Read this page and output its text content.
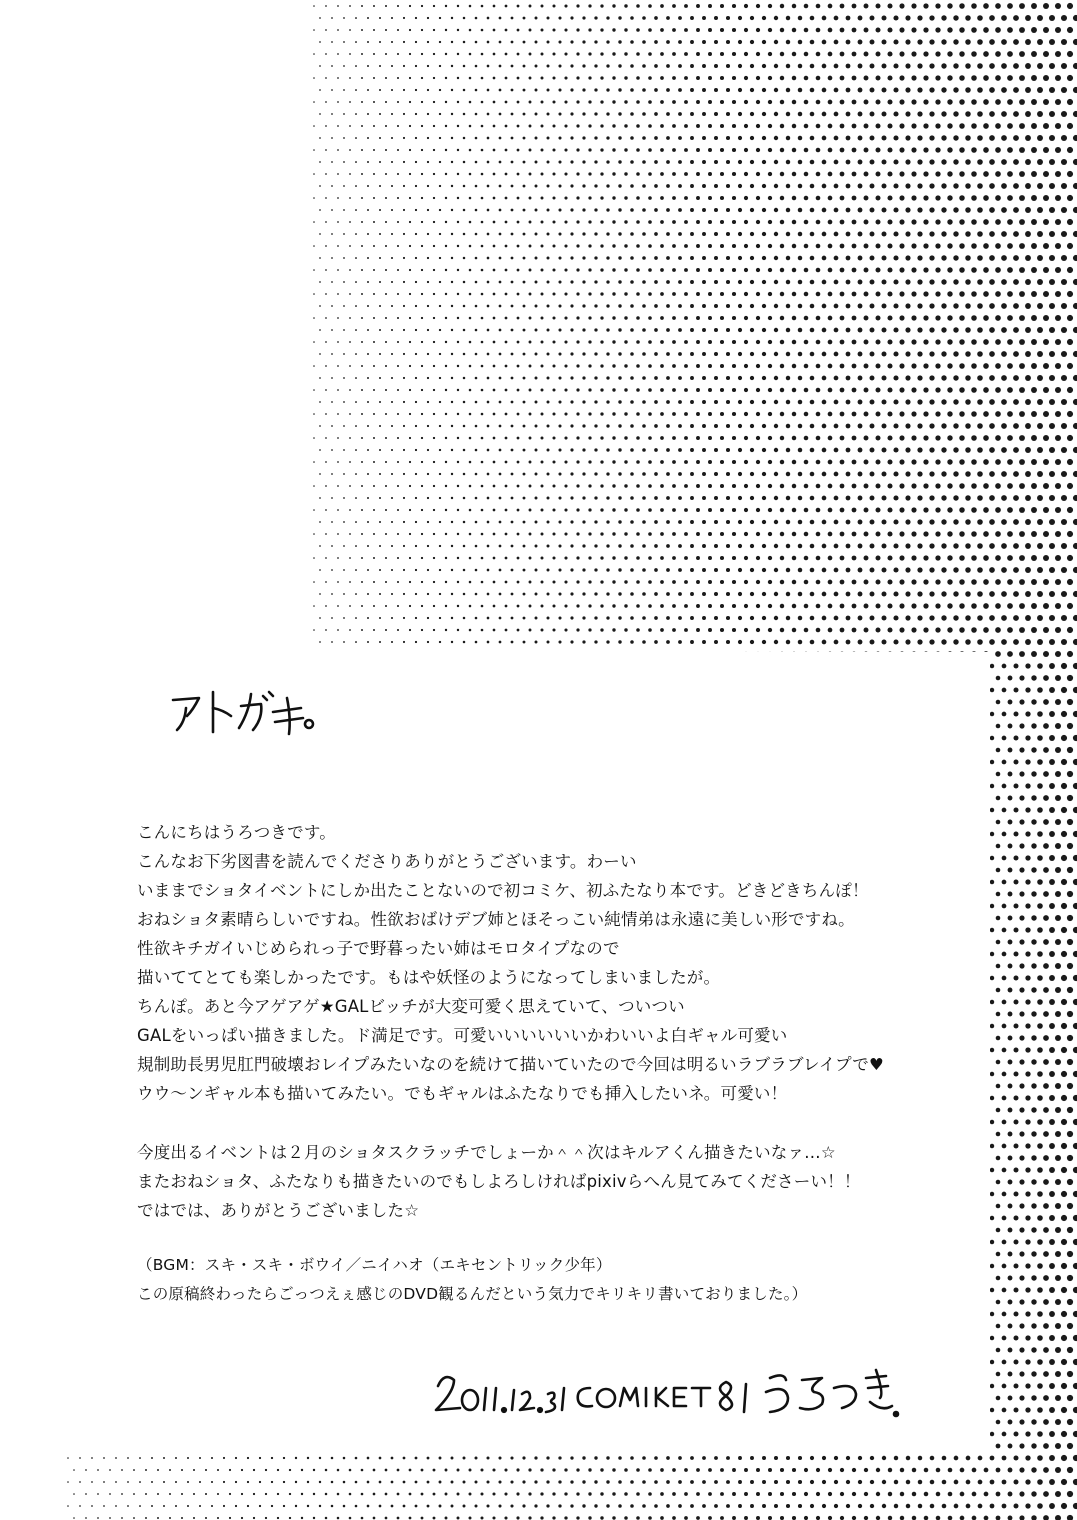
こんにちはうろつきです。
こんなお下劣図書を読んでくださりありがとうございます。わーい
いままでショタイベントにしか出たことないので初コミケ、初ふたなり本です。どきどきちんぽ！
おねショタ素晴らしいですね。性欲おばけデブ姉とほそっこい純情弟は永遠に美しい形ですね。
性欲キチガイいじめられっ子で野暮ったい姉はモロタイプなので
描いててとても楽しかったです。もはや妖怪のようになってしまいましたが。
ちんぽ。あと今アゲアゲ★GALビッチが大変可愛く思えていて、ついつい
GALをいっぱい描きました。ド満足です。可愛いいいいいいかわいいよ白ギャル可愛い
規制助長男児肛門破壊おレイプみたいなのを続けて描いていたので今回は明るいラブラブレイプで♥
ウウ～ンギャル本も描いてみたい。でもギャルはふたなりでも挿入したいネ。可愛い！
今度出るイベントは２月のショタスクラッチでしょーか＾＾次はキルアくん描きたいなァ…☆
またおねショタ、ふたなりも描きたいのでもしよろしければpixivらへん見てみてくださーい！！
ではでは、ありがとうございました☆
（BGM：スキ・スキ・ボウイ／ニイハオ（エキセントリック少年）
この原稿終わったらごっつえぇ感じのDVD観るんだという気力でキリキリ書いておりました。）
